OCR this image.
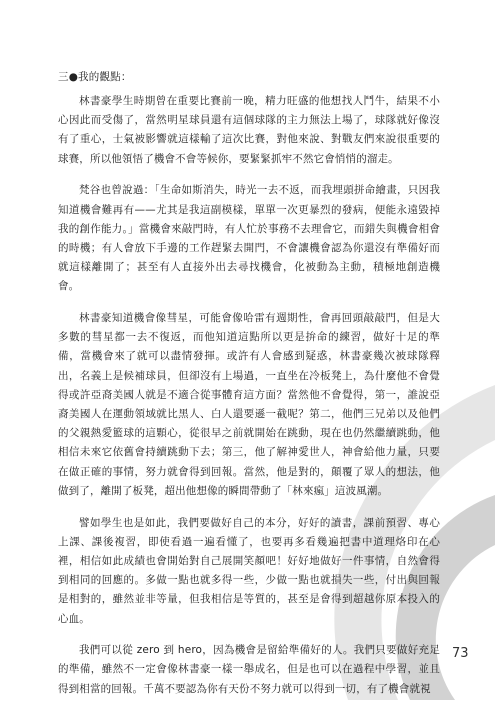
三●我的觀點：

林書豪學生時期曾在重要比賽前一晚，精力旺盛的他想找人鬥牛，結果不小心因此而受傷了，當然明星球員還有這個球隊的主力無法上場了，球隊就好像沒有了重心，士氣被影響就這樣輸了這次比賽，對他來說、對戰友們來說很重要的球賽，所以他領悟了機會不會等候你，要緊緊抓牢不然它會悄悄的溜走。

梵谷也曾說過：「生命如斯消失，時光一去不返，而我埋頭拼命繪畫，只因我知道機會難再有——尤其是我這副模樣，單單一次更暴烈的發病，便能永遠毀掉我的創作能力。」當機會來敲門時，有人忙於事務不去理會它，而錯失與機會相會的時機；有人會放下手邊的工作趕緊去開門，不會讓機會認為你還沒有準備好而就這樣離開了；甚至有人直接外出去尋找機會，化被動為主動，積極地創造機會。

林書豪知道機會像彗星，可能會像哈雷有週期性，會再回頭敲敲門，但是大多數的彗星都一去不復返，而他知道這點所以更是拚命的練習，做好十足的準備，當機會來了就可以盡情發揮。或許有人會感到疑惑，林書豪幾次被球隊釋出，名義上是候補球員，但卻沒有上場過，一直坐在冷板凳上，為什麼他不會覺得或許亞裔美國人就是不適合從事體育這方面？當然他不會覺得，第一，誰說亞裔美國人在運動領域就比黑人、白人還要遜一截呢？第二，他們三兄弟以及他們的父親熱愛籃球的這顆心，從很早之前就開始在跳動，現在也仍然繼續跳動，他相信未來它依舊會持續跳動下去；第三，他了解神愛世人，神會給他力量，只要在做正確的事情，努力就會得到回報。當然，他是對的，顛覆了眾人的想法，他做到了，離開了板凳，超出他想像的瞬間帶動了「林來瘋」這波風潮。

譬如學生也是如此，我們要做好自己的本分，好好的讀書，課前預習、專心上課、課後複習，即使看過一遍看懂了，也要再多看幾遍把書中道理烙印在心裡，相信如此成績也會開始對自己展開笑顏吧！好好地做好一件事情，自然會得到相同的回應的。多做一點也就多得一些，少做一點也就損失一些，付出與回報是相對的，雖然並非等量，但我相信是等質的，甚至是會得到超越你原本投入的心血。

我們可以從 zero 到 hero，因為機會是留給準備好的人。我們只要做好充足的準備，雖然不一定會像林書豪一樣一舉成名，但是也可以在過程中學習，並且得到相當的回報。千萬不要認為你有天份不努力就可以得到一切，有了機會就視

73
